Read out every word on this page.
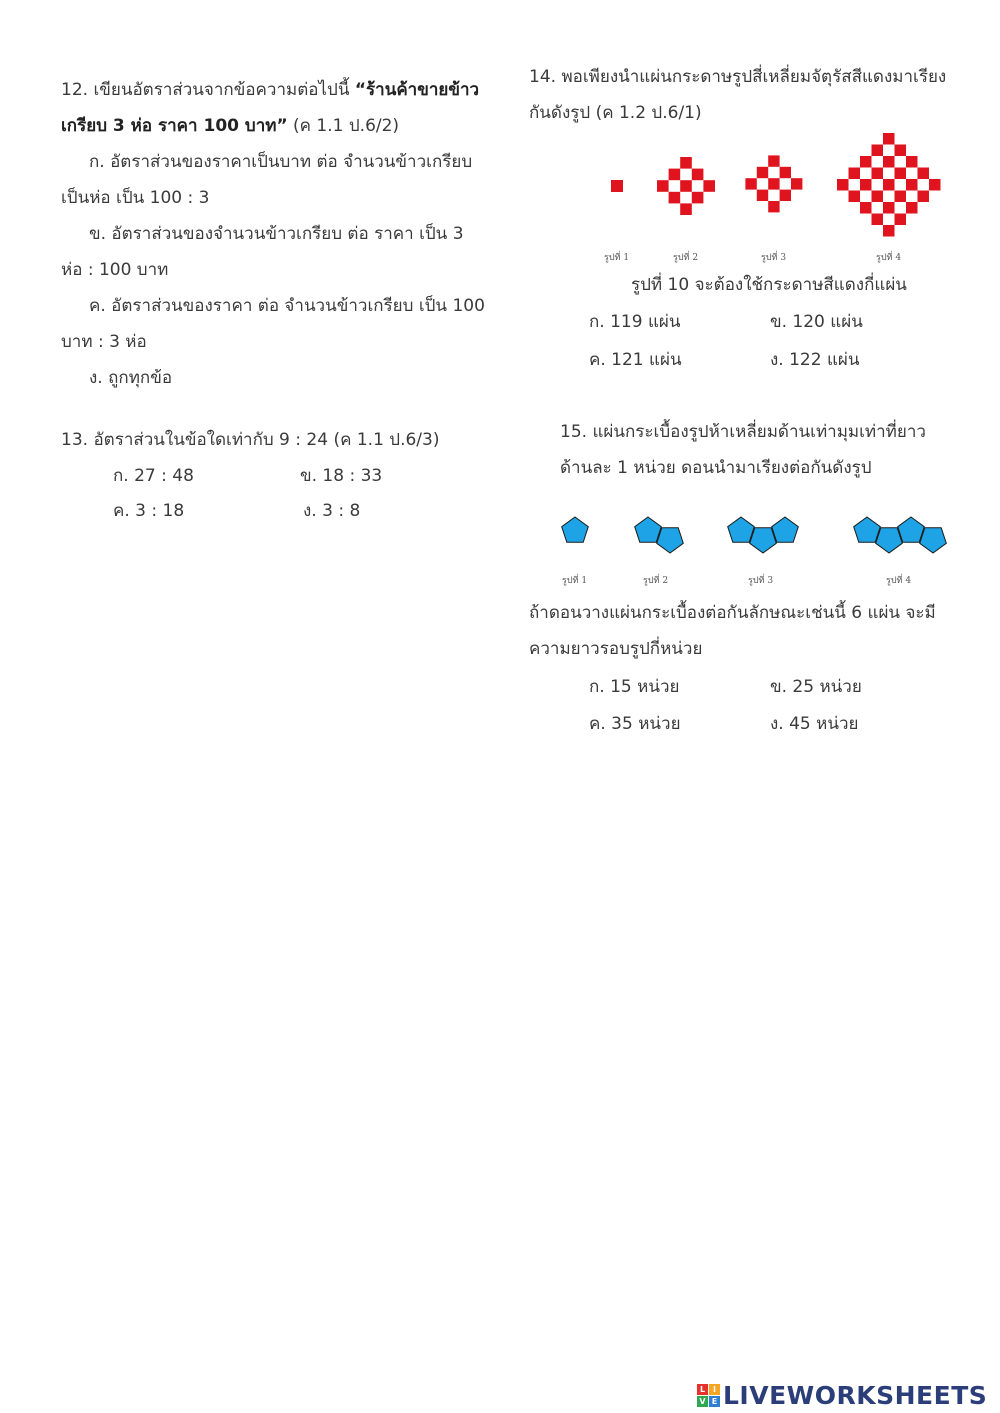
12. เขียนอัตราส่วนจากข้อความต่อไปนี้ “ร้านค้าขายข้าว
เกรียบ 3 ห่อ ราคา 100 บาท” (ค 1.1 ป.6/2)
ก. อัตราส่วนของราคาเป็นบาท ต่อ จำนวนข้าวเกรียบ
เป็นห่อ เป็น 100 : 3
ข. อัตราส่วนของจำนวนข้าวเกรียบ ต่อ ราคา เป็น 3
ห่อ : 100 บาท
ค. อัตราส่วนของราคา ต่อ จำนวนข้าวเกรียบ เป็น 100
บาท : 3 ห่อ
ง. ถูกทุกข้อ
13. อัตราส่วนในข้อใดเท่ากับ 9 : 24 (ค 1.1 ป.6/3)
ก. 27 : 48	ข. 18 : 33
ค. 3 : 18	ง. 3 : 8
14. พอเพียงนำแผ่นกระดาษรูปสี่เหลี่ยมจัตุรัสสีแดงมาเรียง
กันดังรูป (ค 1.2 ป.6/1)
รูปที่ 1	รูปที่ 2	รูปที่ 3	รูปที่ 4
รูปที่ 10 จะต้องใช้กระดาษสีแดงกี่แผ่น
ก. 119 แผ่น	ข. 120 แผ่น
ค. 121 แผ่น	ง. 122 แผ่น
15. แผ่นกระเบื้องรูปห้าเหลี่ยมด้านเท่ามุมเท่าที่ยาว
ด้านละ 1 หน่วย ดอนนำมาเรียงต่อกันดังรูป
รูปที่ 1	รูปที่ 2	รูปที่ 3	รูปที่ 4
ถ้าดอนวางแผ่นกระเบื้องต่อกันลักษณะเช่นนี้ 6 แผ่น จะมี
ความยาวรอบรูปกี่หน่วย
ก. 15 หน่วย	ข. 25 หน่วย
ค. 35 หน่วย	ง. 45 หน่วย
L I
V E LIVEWORKSHEETS
